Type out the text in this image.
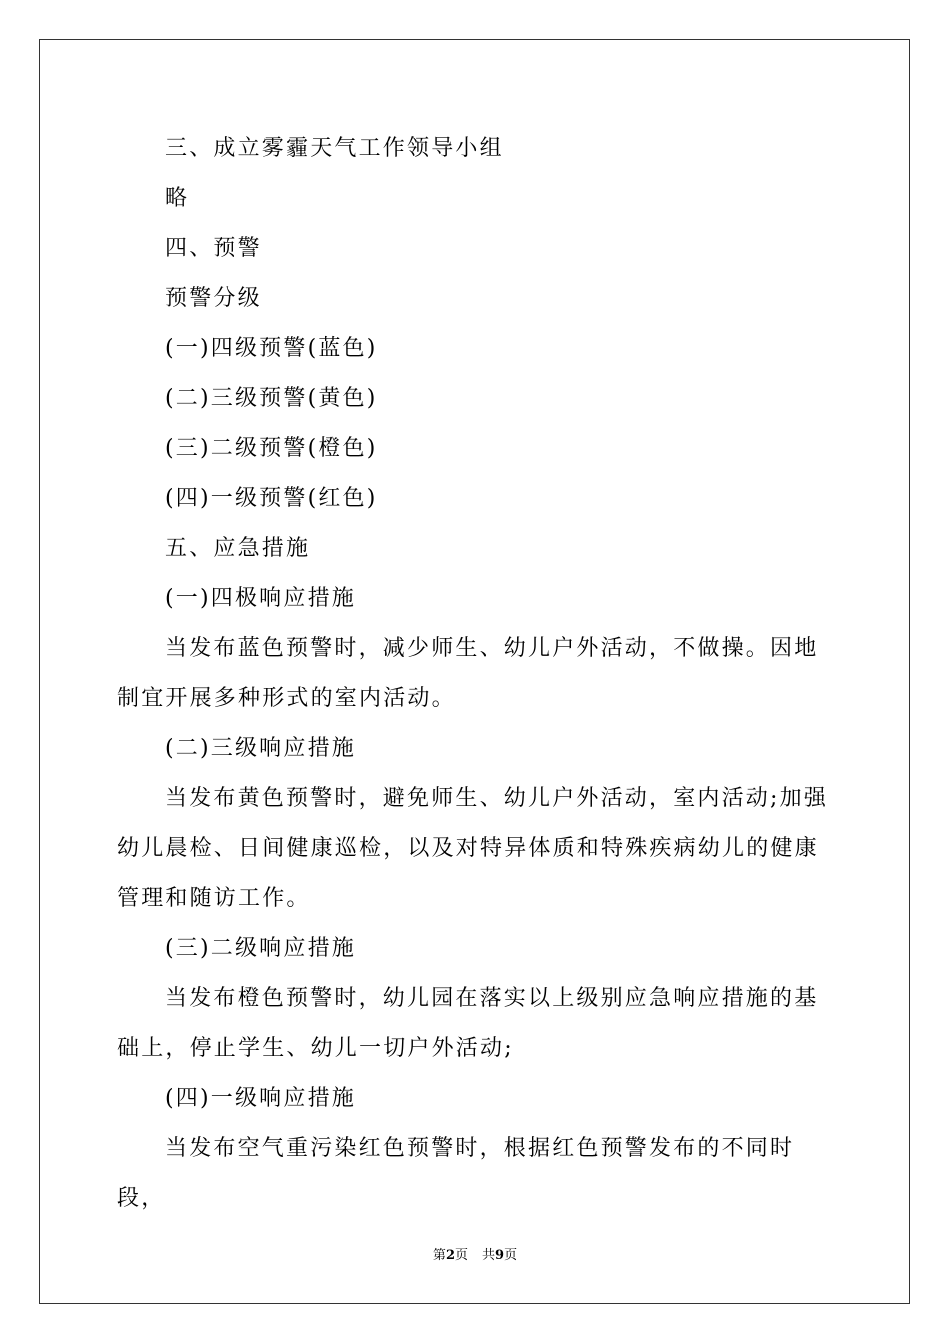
三、成立雾霾天气工作领导小组

略

四、预警

预警分级

(一)四级预警(蓝色)

(二)三级预警(黄色)

(三)二级预警(橙色)

(四)一级预警(红色)

五、应急措施

(一)四极响应措施

当发布蓝色预警时，减少师生、幼儿户外活动，不做操。因地制宜开展多种形式的室内活动。

(二)三级响应措施

当发布黄色预警时，避免师生、幼儿户外活动，室内活动;加强幼儿晨检、日间健康巡检，以及对特异体质和特殊疾病幼儿的健康管理和随访工作。

(三)二级响应措施

当发布橙色预警时，幼儿园在落实以上级别应急响应措施的基础上，停止学生、幼儿一切户外活动;

(四)一级响应措施

当发布空气重污染红色预警时，根据红色预警发布的不同时段，

第2页 共9页
